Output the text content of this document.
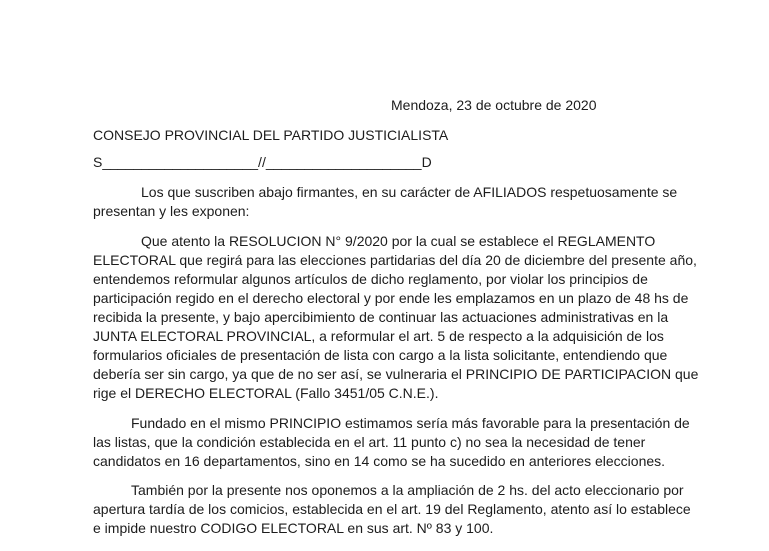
Mendoza, 23 de octubre de 2020
CONSEJO PROVINCIAL DEL PARTIDO JUSTICIALISTA
S____________________//____________________D
Los que suscriben abajo firmantes, en su carácter de AFILIADOS respetuosamente se
presentan y les exponen:
Que atento la RESOLUCION N° 9/2020 por la cual se establece el REGLAMENTO
ELECTORAL que regirá para las elecciones partidarias del día 20 de diciembre del presente año,
entendemos reformular algunos artículos de dicho reglamento, por violar los principios de
participación regido en el derecho electoral y por ende les emplazamos en un plazo de 48 hs de
recibida la presente, y bajo apercibimiento de continuar las actuaciones administrativas en la
JUNTA ELECTORAL PROVINCIAL, a reformular el art. 5 de respecto a la adquisición de los
formularios oficiales de presentación de lista con cargo a la lista solicitante, entendiendo que
debería ser sin cargo, ya que de no ser así, se vulneraria el PRINCIPIO DE PARTICIPACION que
rige el DERECHO ELECTORAL (Fallo 3451/05 C.N.E.).
Fundado en el mismo PRINCIPIO estimamos sería más favorable para la presentación de
las listas, que la condición establecida en el art. 11 punto c) no sea la necesidad de tener
candidatos en 16 departamentos, sino en 14 como se ha sucedido en anteriores elecciones.
También por la presente nos oponemos a la ampliación de 2 hs. del acto eleccionario por
apertura tardía de los comicios, establecida en el art. 19 del Reglamento, atento así lo establece
e impide nuestro CODIGO ELECTORAL en sus art. Nº 83 y 100.
